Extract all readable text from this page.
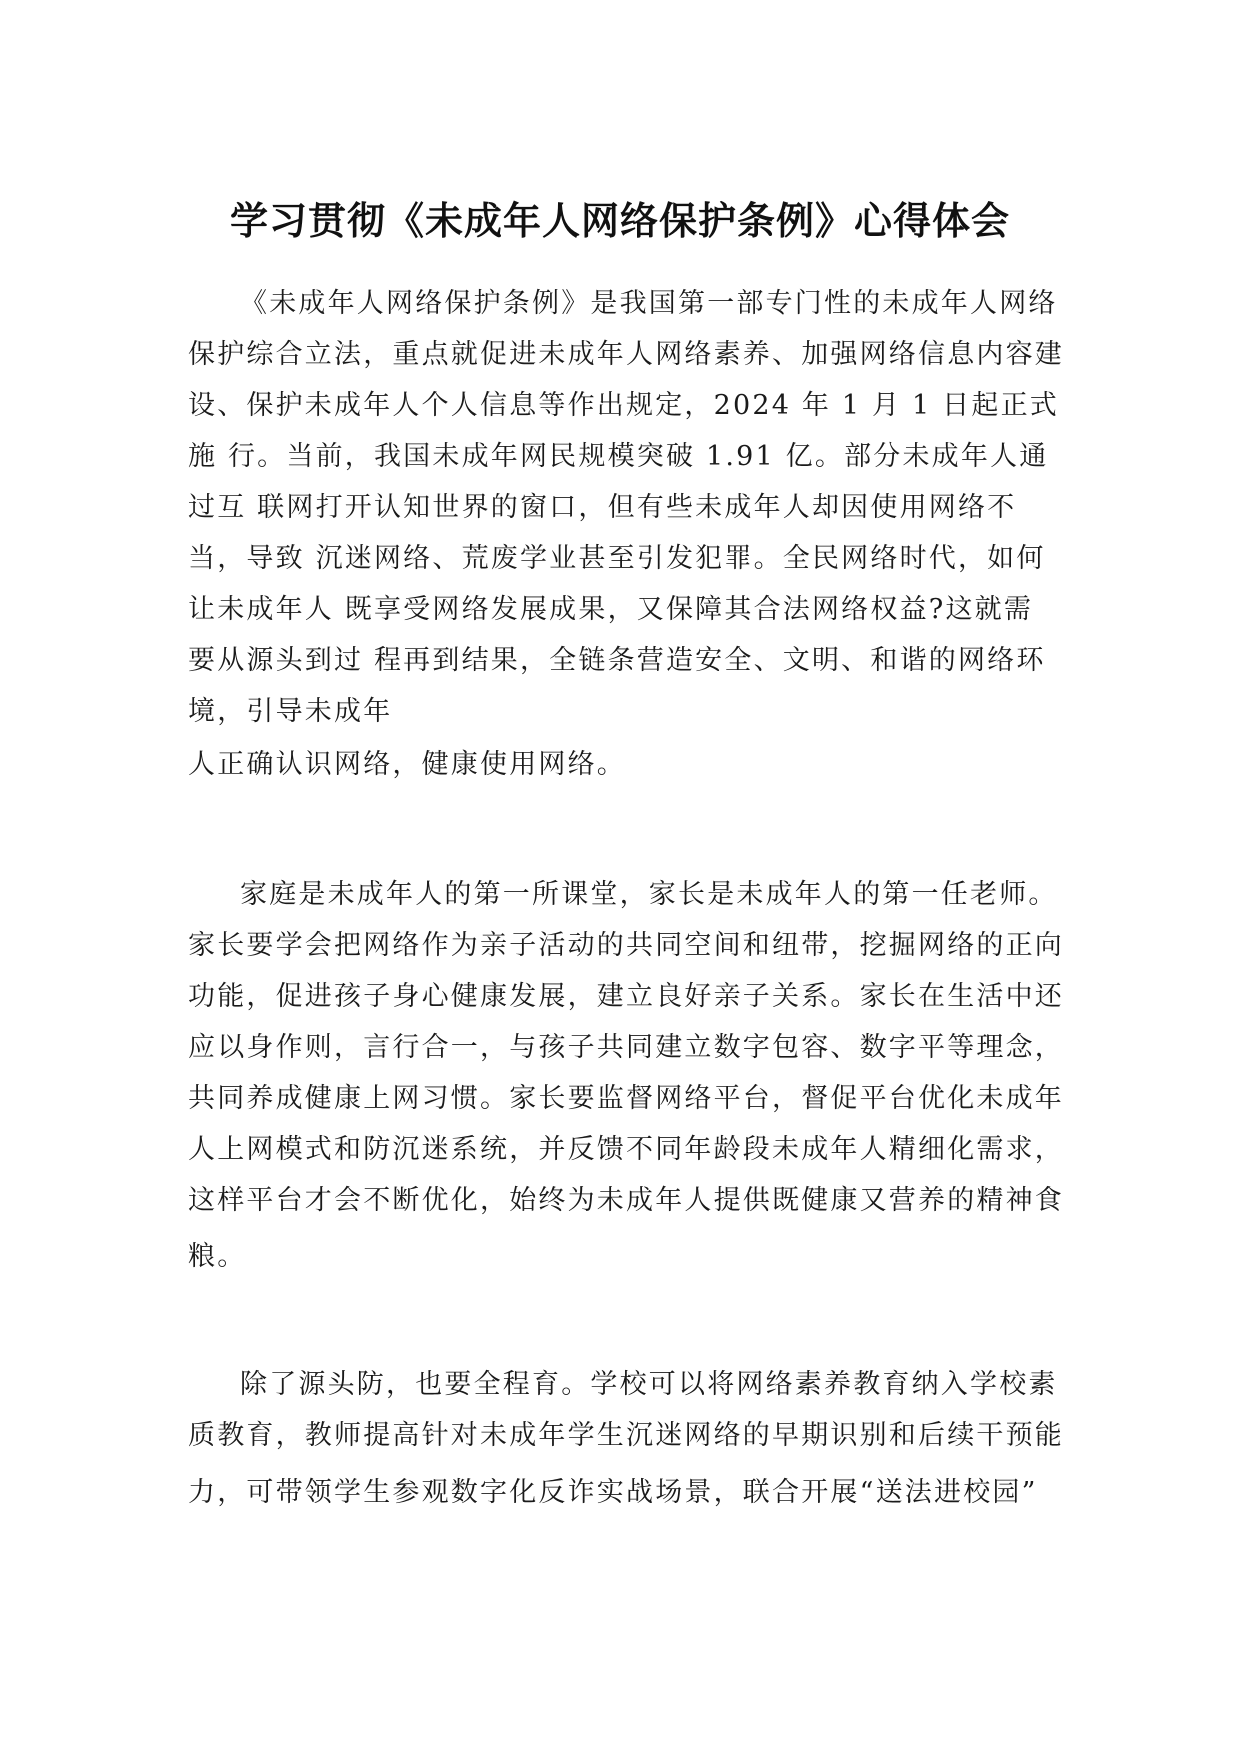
学习贯彻《未成年人网络保护条例》心得体会
《未成年人网络保护条例》是我国第一部专门性的未成年人网络
保护综合立法，重点就促进未成年人网络素养、加强网络信息内容建
设、保护未成年人个人信息等作出规定，2024 年 1 月 1 日起正式
施 行。当前，我国未成年网民规模突破 1.91 亿。部分未成年人通
过互 联网打开认知世界的窗口，但有些未成年人却因使用网络不
当，导致 沉迷网络、荒废学业甚至引发犯罪。全民网络时代，如何
让未成年人 既享受网络发展成果，又保障其合法网络权益?这就需
要从源头到过 程再到结果，全链条营造安全、文明、和谐的网络环
境，引导未成年
人正确认识网络，健康使用网络。
家庭是未成年人的第一所课堂，家长是未成年人的第一任老师。
家长要学会把网络作为亲子活动的共同空间和纽带，挖掘网络的正向
功能，促进孩子身心健康发展，建立良好亲子关系。家长在生活中还
应以身作则，言行合一，与孩子共同建立数字包容、数字平等理念，
共同养成健康上网习惯。家长要监督网络平台，督促平台优化未成年
人上网模式和防沉迷系统，并反馈不同年龄段未成年人精细化需求，
这样平台才会不断优化，始终为未成年人提供既健康又营养的精神食
粮。
除了源头防，也要全程育。学校可以将网络素养教育纳入学校素
质教育，教师提高针对未成年学生沉迷网络的早期识别和后续干预能
力，可带领学生参观数字化反诈实战场景，联合开展“送法进校园”
